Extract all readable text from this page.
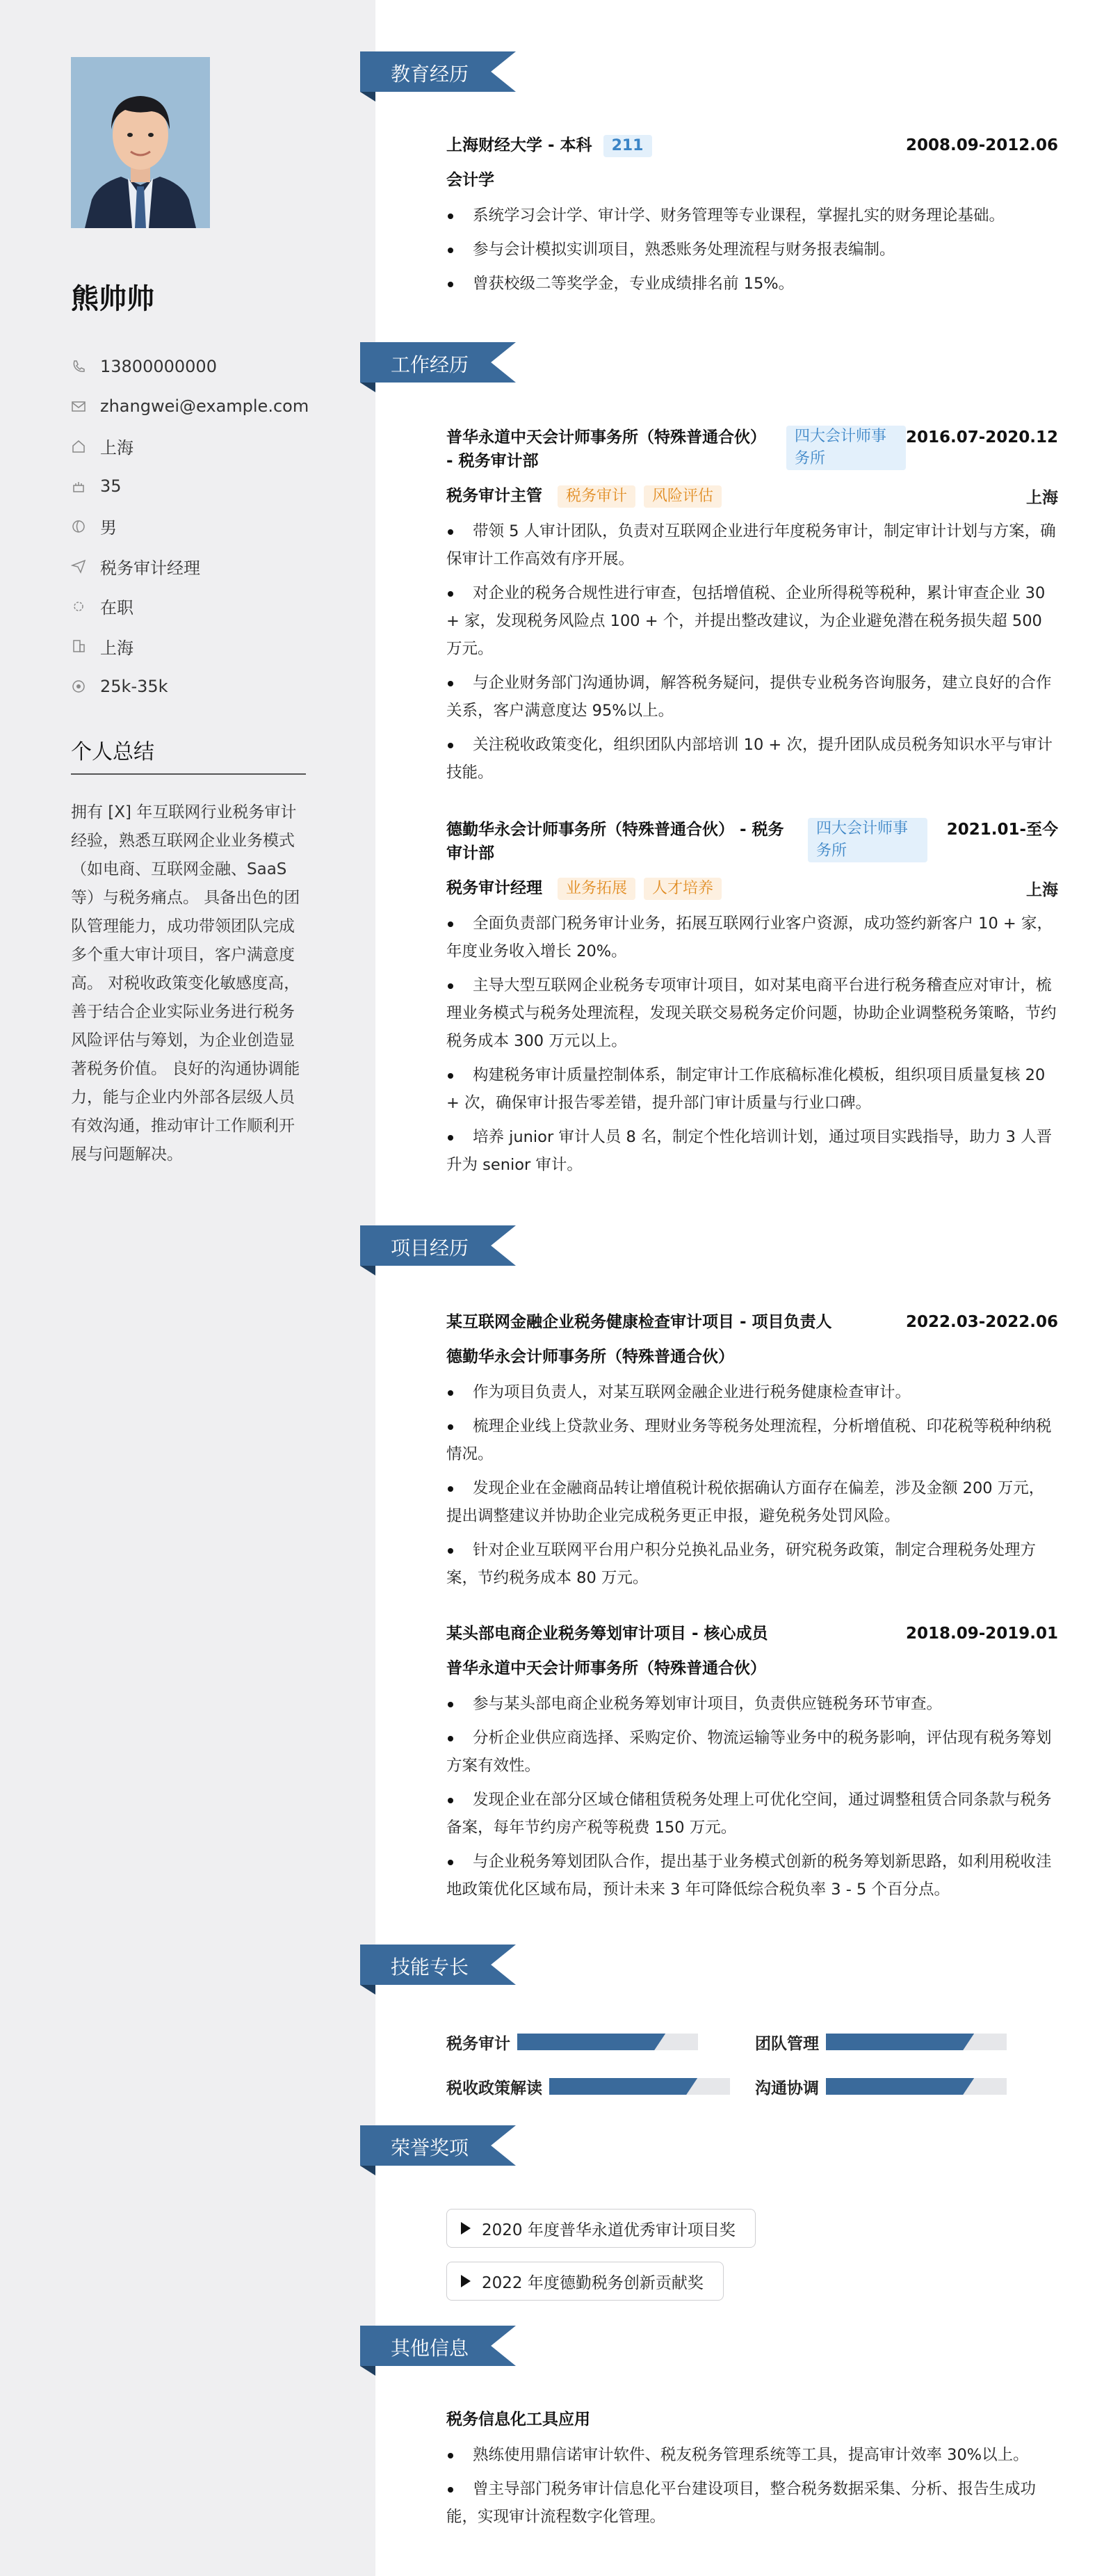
熊帅帅
13800000000
zhangwei@example.com
上海
35
男
税务审计经理
在职
上海
25k-35k
个人总结
拥有 [X] 年互联网行业税务审计经验，熟悉互联网企业业务模式（如电商、互联网金融、SaaS 等）与税务痛点。 具备出色的团队管理能力，成功带领团队完成多个重大审计项目，客户满意度高。 对税收政策变化敏感度高，善于结合企业实际业务进行税务风险评估与筹划，为企业创造显著税务价值。 良好的沟通协调能力，能与企业内外部各层级人员有效沟通，推动审计工作顺利开展与问题解决。
教育经历
上海财经大学 - 本科 211	2008.09-2012.06
会计学
系统学习会计学、审计学、财务管理等专业课程，掌握扎实的财务理论基础。
参与会计模拟实训项目，熟悉账务处理流程与财务报表编制。
曾获校级二等奖学金，专业成绩排名前 15%。
工作经历
普华永道中天会计师事务所（特殊普通合伙） - 税务审计部
四大会计师事务所
2016.07-2020.12
税务审计主管 税务审计 风险评估	上海
带领 5 人审计团队，负责对互联网企业进行年度税务审计，制定审计计划与方案，确保审计工作高效有序开展。
对企业的税务合规性进行审查，包括增值税、企业所得税等税种，累计审查企业 30 + 家，发现税务风险点 100 + 个，并提出整改建议，为企业避免潜在税务损失超 500 万元。
与企业财务部门沟通协调，解答税务疑问，提供专业税务咨询服务，建立良好的合作关系，客户满意度达 95%以上。
关注税收政策变化，组织团队内部培训 10 + 次，提升团队成员税务知识水平与审计技能。
德勤华永会计师事务所（特殊普通合伙） - 税务审计部
四大会计师事务所
2021.01-至今
税务审计经理 业务拓展 人才培养	上海
全面负责部门税务审计业务，拓展互联网行业客户资源，成功签约新客户 10 + 家，年度业务收入增长 20%。
主导大型互联网企业税务专项审计项目，如对某电商平台进行税务稽查应对审计，梳理业务模式与税务处理流程，发现关联交易税务定价问题，协助企业调整税务策略，节约税务成本 300 万元以上。
构建税务审计质量控制体系，制定审计工作底稿标准化模板，组织项目质量复核 20 + 次，确保审计报告零差错，提升部门审计质量与行业口碑。
培养 junior 审计人员 8 名，制定个性化培训计划，通过项目实践指导，助力 3 人晋升为 senior 审计。
项目经历
某互联网金融企业税务健康检查审计项目 - 项目负责人	2022.03-2022.06
德勤华永会计师事务所（特殊普通合伙）
作为项目负责人，对某互联网金融企业进行税务健康检查审计。
梳理企业线上贷款业务、理财业务等税务处理流程，分析增值税、印花税等税种纳税情况。
发现企业在金融商品转让增值税计税依据确认方面存在偏差，涉及金额 200 万元，提出调整建议并协助企业完成税务更正申报，避免税务处罚风险。
针对企业互联网平台用户积分兑换礼品业务，研究税务政策，制定合理税务处理方案，节约税务成本 80 万元。
某头部电商企业税务筹划审计项目 - 核心成员	2018.09-2019.01
普华永道中天会计师事务所（特殊普通合伙）
参与某头部电商企业税务筹划审计项目，负责供应链税务环节审查。
分析企业供应商选择、采购定价、物流运输等业务中的税务影响，评估现有税务筹划方案有效性。
发现企业在部分区域仓储租赁税务处理上可优化空间，通过调整租赁合同条款与税务备案，每年节约房产税等税费 150 万元。
与企业税务筹划团队合作，提出基于业务模式创新的税务筹划新思路，如利用税收洼地政策优化区域布局，预计未来 3 年可降低综合税负率 3 - 5 个百分点。
技能专长
税务审计	团队管理
税收政策解读	沟通协调
荣誉奖项
2020 年度普华永道优秀审计项目奖
2022 年度德勤税务创新贡献奖
其他信息
税务信息化工具应用
熟练使用鼎信诺审计软件、税友税务管理系统等工具，提高审计效率 30%以上。
曾主导部门税务审计信息化平台建设项目，整合税务数据采集、分析、报告生成功能，实现审计流程数字化管理。
